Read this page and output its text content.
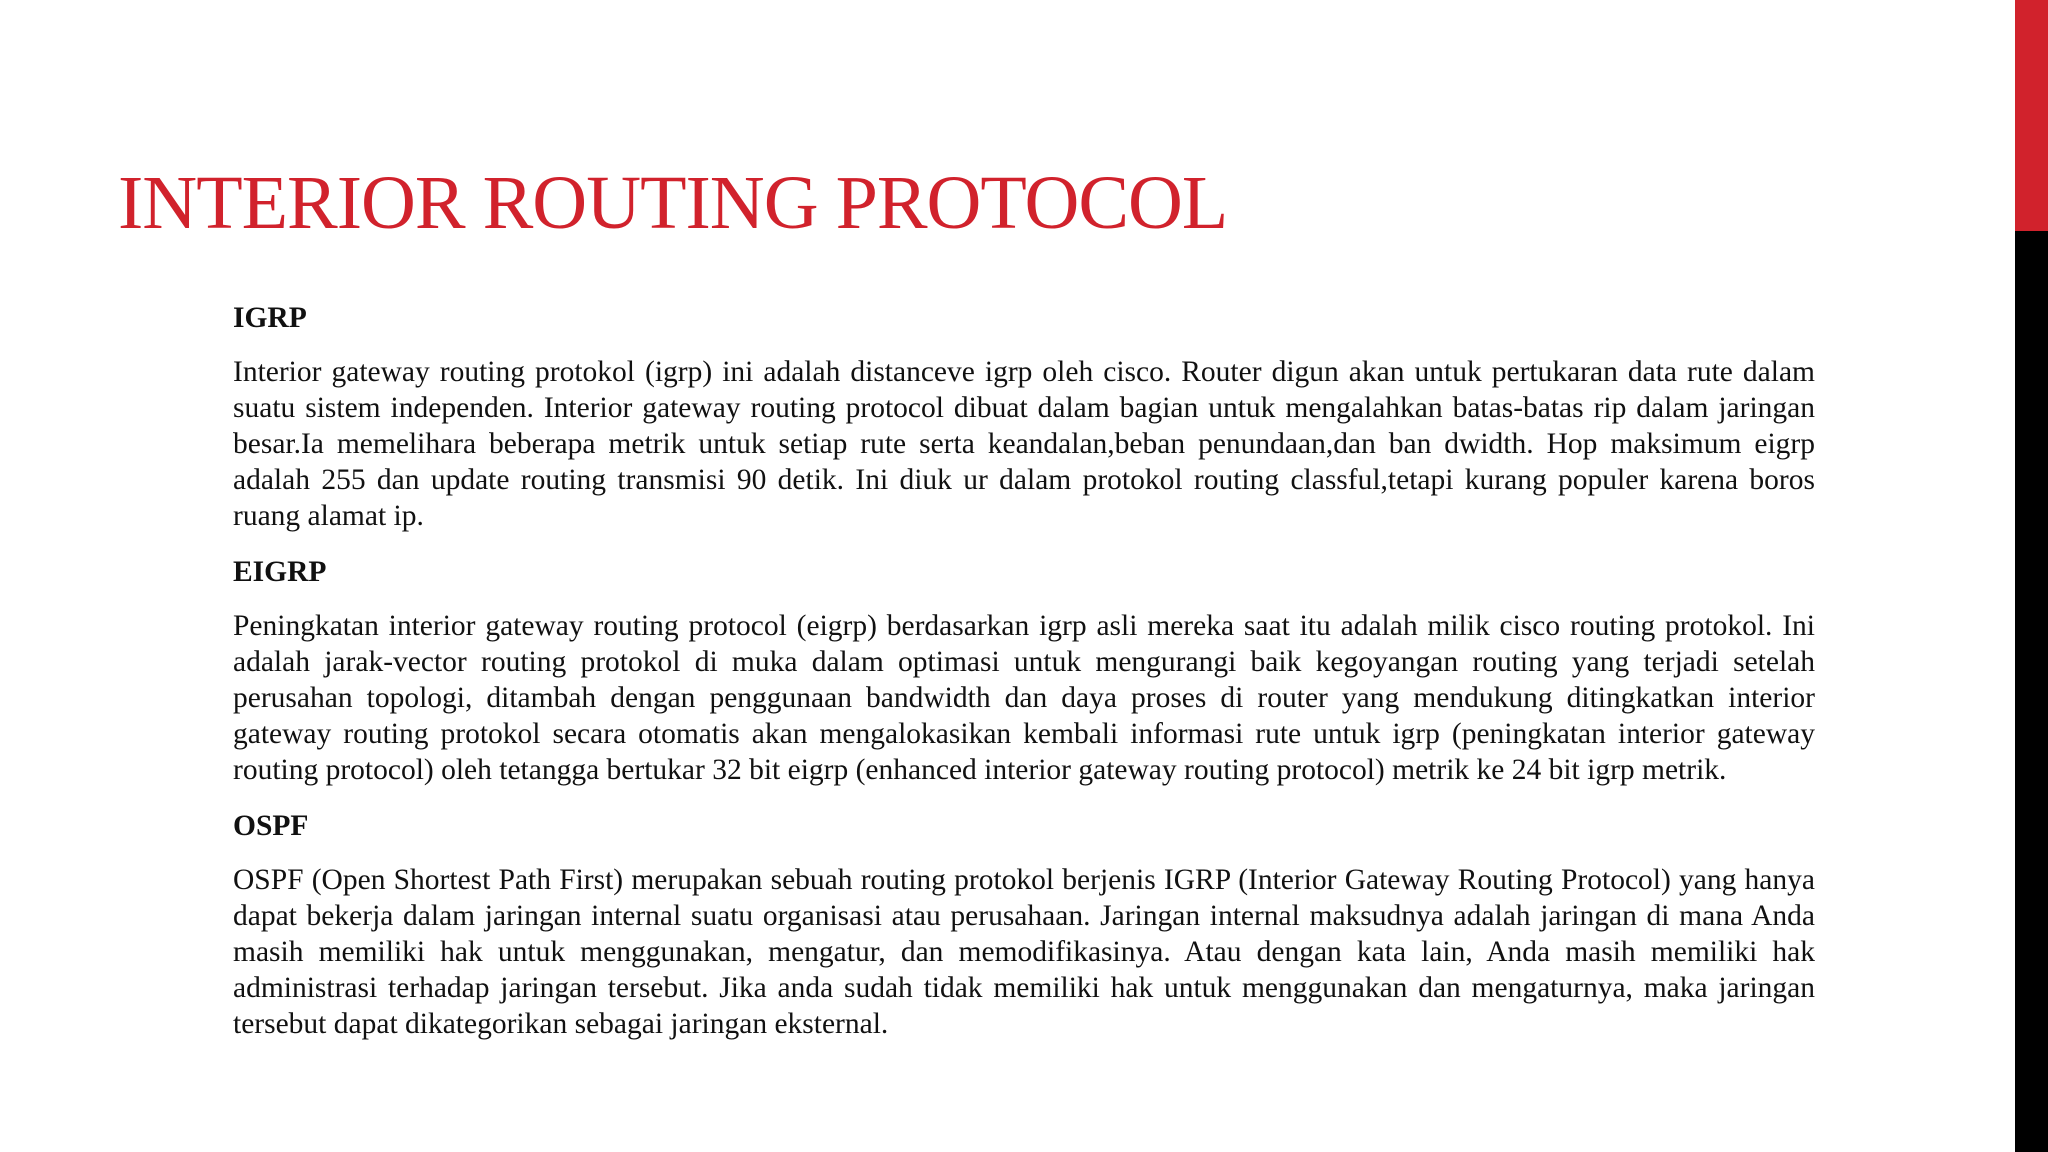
INTERIOR ROUTING PROTOCOL
IGRP

Interior gateway routing protokol (igrp) ini adalah distanceve igrp oleh cisco. Router digun akan untuk pertukaran data rute dalam suatu sistem independen. Interior gateway routing protocol dibuat dalam bagian untuk mengalahkan batas-batas rip dalam jaringan besar.Ia memelihara beberapa metrik untuk setiap rute serta keandalan,beban penundaan,dan ban dwidth. Hop maksimum eigrp adalah 255 dan update routing transmisi 90 detik. Ini diuk ur dalam protokol routing classful,tetapi kurang populer karena boros ruang alamat ip.

EIGRP

Peningkatan interior gateway routing protocol (eigrp) berdasarkan igrp asli mereka saat itu adalah milik cisco routing protokol. Ini adalah jarak-vector routing protokol di muka dalam optimasi untuk mengurangi baik kegoyangan routing yang terjadi setelah perusahan topologi, ditambah dengan penggunaan bandwidth dan daya proses di router yang mendukung ditingkatkan interior gateway routing protokol secara otomatis akan mengalokasikan kembali informasi rute untuk igrp (peningkatan interior gateway routing protocol) oleh tetangga bertukar 32 bit eigrp (enhanced interior gateway routing protocol) metrik ke 24 bit igrp metrik.

OSPF

OSPF (Open Shortest Path First) merupakan sebuah routing protokol berjenis IGRP (Interior Gateway Routing Protocol) yang hanya dapat bekerja dalam jaringan internal suatu organisasi atau perusahaan. Jaringan internal maksudnya adalah jaringan di mana Anda masih memiliki hak untuk menggunakan, mengatur, dan memodifikasinya. Atau dengan kata lain, Anda masih memiliki hak administrasi terhadap jaringan tersebut. Jika anda sudah tidak memiliki hak untuk menggunakan dan mengaturnya, maka jaringan tersebut dapat dikategorikan sebagai jaringan eksternal.
